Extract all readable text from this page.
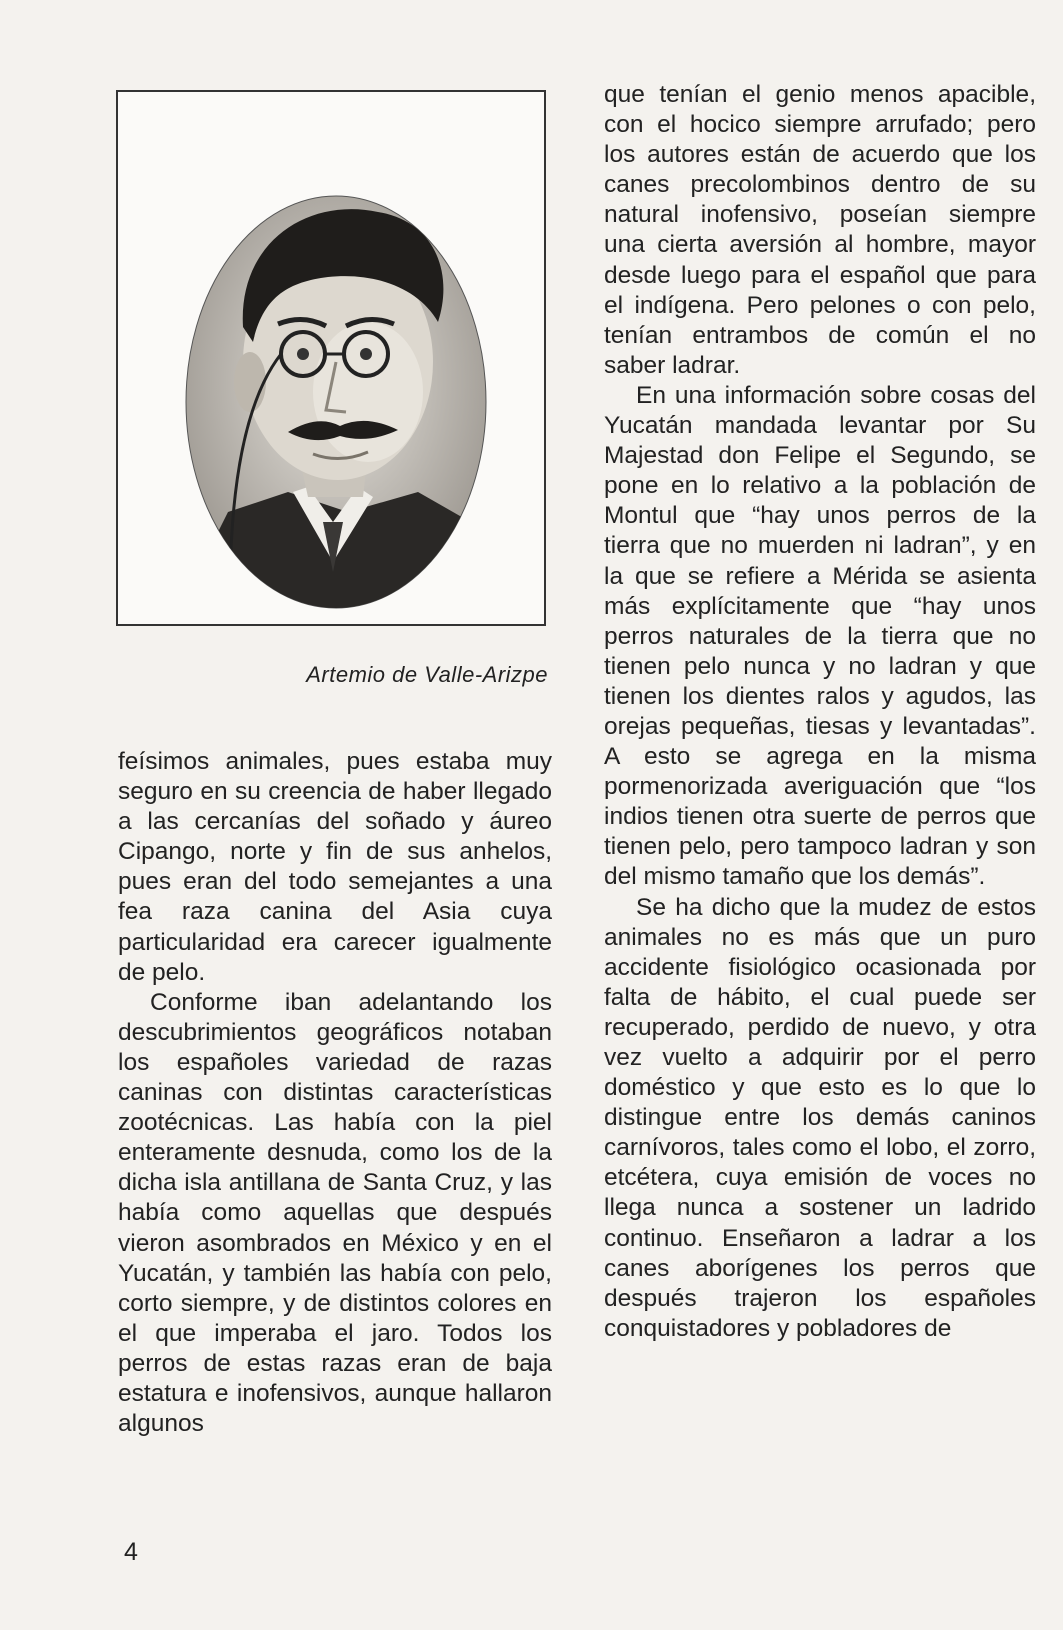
Artemio de Valle-Arizpe

feísimos animales, pues estaba muy seguro en su creencia de haber llegado a las cercanías del soñado y áureo Cipango, norte y fin de sus anhelos, pues eran del todo semejantes a una fea raza canina del Asia cuya particularidad era carecer igualmente de pelo.

Conforme iban adelantando los descubrimientos geográficos notaban los españoles variedad de razas caninas con distintas características zootécnicas. Las había con la piel enteramente desnuda, como los de la dicha isla antillana de Santa Cruz, y las había como aquellas que después vieron asombrados en México y en el Yucatán, y también las había con pelo, corto siempre, y de distintos colores en el que imperaba el jaro. Todos los perros de estas razas eran de baja estatura e inofensivos, aunque hallaron algunos

que tenían el genio menos apacible, con el hocico siempre arrufado; pero los autores están de acuerdo que los canes precolombinos dentro de su natural inofensivo, poseían siempre una cierta aversión al hombre, mayor desde luego para el español que para el indígena. Pero pelones o con pelo, tenían entrambos de común el no saber ladrar.

En una información sobre cosas del Yucatán mandada levantar por Su Majestad don Felipe el Segundo, se pone en lo relativo a la población de Montul que “hay unos perros de la tierra que no muerden ni ladran”, y en la que se refiere a Mérida se asienta más explícitamente que “hay unos perros naturales de la tierra que no tienen pelo nunca y no ladran y que tienen los dientes ralos y agudos, las orejas pequeñas, tiesas y levantadas”. A esto se agrega en la misma pormenorizada averiguación que “los indios tienen otra suerte de perros que tienen pelo, pero tampoco ladran y son del mismo tamaño que los demás”.

Se ha dicho que la mudez de estos animales no es más que un puro accidente fisiológico ocasionada por falta de hábito, el cual puede ser recuperado, perdido de nuevo, y otra vez vuelto a adquirir por el perro doméstico y que esto es lo que lo distingue entre los demás caninos carnívoros, tales como el lobo, el zorro, etcétera, cuya emisión de voces no llega nunca a sostener un ladrido continuo. Enseñaron a ladrar a los canes aborígenes los perros que después trajeron los españoles conquistadores y pobladores de

4
